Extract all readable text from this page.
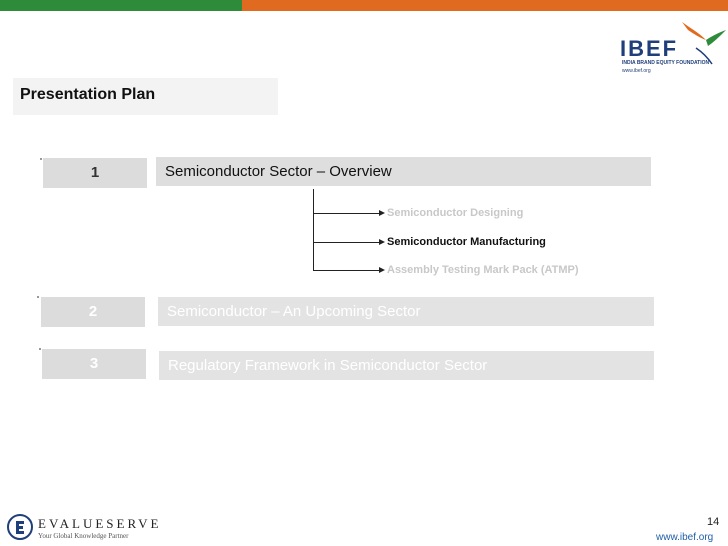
IBEF
INDIA BRAND EQUITY FOUNDATION
www.ibef.org
Presentation Plan
1	Semiconductor Sector – Overview
Semiconductor Designing
Semiconductor Manufacturing
Assembly Testing Mark Pack (ATMP)
2	Semiconductor – An Upcoming Sector
3	Regulatory Framework in Semiconductor Sector
EVALUESERVE
Your Global Knowledge Partner
14
www.ibef.org
